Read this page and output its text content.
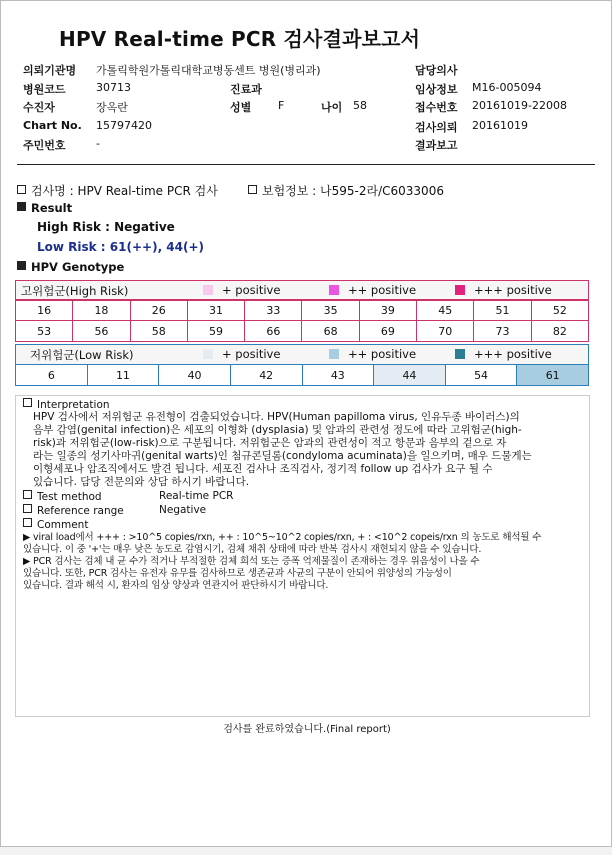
HPV Real-time PCR 검사결과보고서
의뢰기관명 가톨릭학원가톨릭대학교병동센트 병원(병리과)	담당의사
병원코드	30713	진료과	임상정보 M16-005094
수진자	장옥란	성별 F	나이 58	접수번호 20161019-22008
Chart No. 15797420	검사의뢰 20161019
주민번호	-	결과보고
검사명 : HPV Real-time PCR 검사	보험정보 : 나595-2라/C6033006
Result
High Risk : Negative
Low Risk : 61(++), 44(+)
HPV Genotype
고위험군(High Risk)	+ positive	++ positive	+++ positive
16	18	26	31	33	35	39	45	51	52
53	56	58	59	66	68	69	70	73	82
저위험군(Low Risk)	+ positive	++ positive	+++ positive
6	11	40	42	43	44	54	61
Interpretation
HPV 검사에서 저위험군 유전형이 검출되었습니다. HPV(Human papilloma virus, 인유두종 바이러스)의
음부 감염(genital infection)은 세포의 이형화 (dysplasia) 및 암과의 관련성 정도에 따라 고위험군(high-
risk)과 저위험군(low-risk)으로 구분됩니다. 저위험군은 암과의 관련성이 적고 항문과 음부의 겉으로 자
라는 일종의 성기사마귀(genital warts)인 첨규콘딜롬(condyloma acuminata)을 일으키며, 매우 드물게는
이형세포나 암조직에서도 발견 됩니다. 세포진 검사나 조직검사, 정기적 follow up 검사가 요구 될 수
있습니다. 담당 전문의와 상담 하시기 바랍니다.
Test method	Real-time PCR
Reference range	Negative
Comment
▶ viral load에서 +++ : >10^5 copies/rxn, ++ : 10^5~10^2 copies/rxn, + : <10^2 copeis/rxn 의 농도로 해석될 수
있습니다. 이 중 '+'는 매우 낮은 농도로 감염시기, 검체 채취 상태에 따라 반복 검사시 재현되지 않을 수 있습니다.
▶ PCR 검사는 검체 내 균 수가 적거나 부적절한 검체 희석 또는 증폭 억제물질이 존재하는 경우 위음성이 나올 수
있습니다. 또한, PCR 검사는 유전자 유무를 검사하므로 생존균과 사균의 구분이 안되어 위양성의 가능성이
있습니다. 결과 해석 시, 환자의 임상 양상과 연관지어 판단하시기 바랍니다.
검사를 완료하였습니다.(Final report)
